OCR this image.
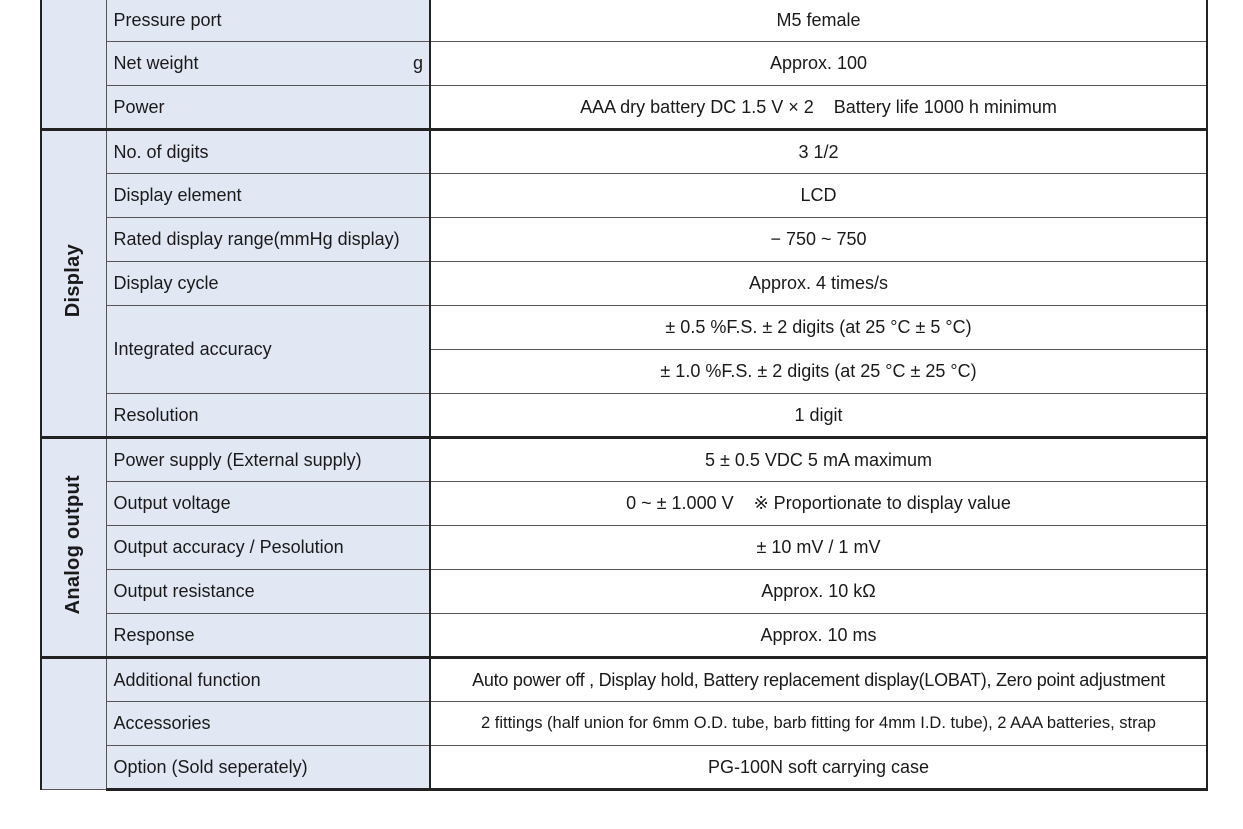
	Pressure port	M5 female

	Net weight g	Approx. 100

	Power	AAA dry battery DC 1.5 V × 2    Battery life 1000 h minimum
Display	No. of digits	3 1/2

	Display element	LCD

	Rated display range(mmHg display)	− 750 ~ 750

	Display cycle	Approx. 4 times/s

	Integrated accuracy	± 0.5 %F.S. ± 2 digits (at 25 °C ± 5 °C)
		± 1.0 %F.S. ± 2 digits (at 25 °C ± 25 °C)

	Resolution	1 digit
Analog output	Power supply (External supply)	5 ± 0.5 VDC 5 mA maximum

	Output voltage	0 ~ ± 1.000 V    ※ Proportionate to display value

	Output accuracy / Pesolution	± 10 mV / 1 mV

	Output resistance	Approx. 10 kΩ

	Response	Approx. 10 ms

	Additional function	Auto power off , Display hold, Battery replacement display(LOBAT), Zero point adjustment

	Accessories	2 fittings (half union for 6mm O.D. tube, barb fitting for 4mm I.D. tube), 2 AAA batteries, strap

	Option (Sold seperately)	PG-100N soft carrying case
